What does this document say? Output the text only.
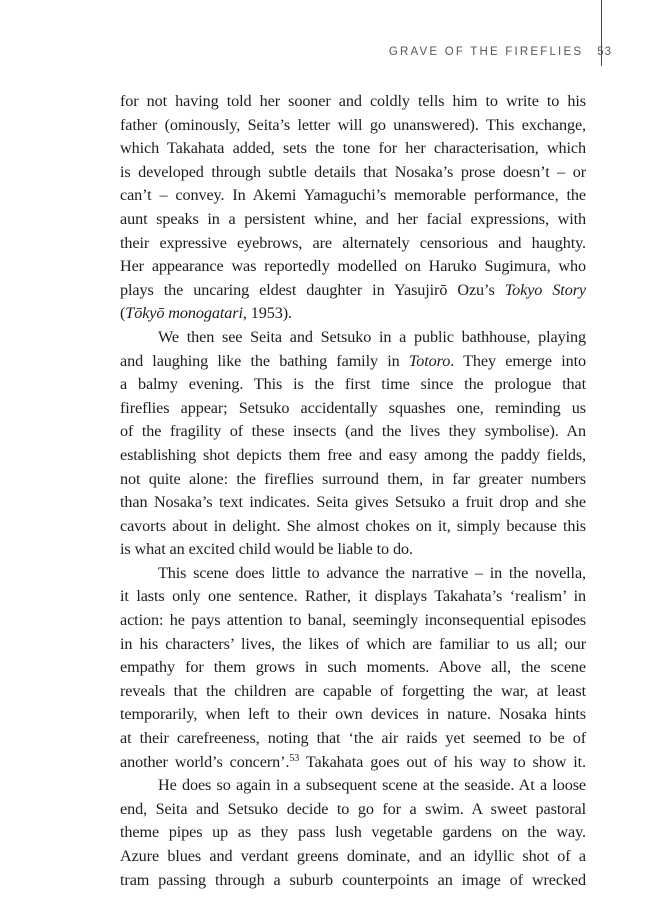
GRAVE OF THE FIREFLIES 53
for not having told her sooner and coldly tells him to write to his
father (ominously, Seita’s letter will go unanswered). This exchange,
which Takahata added, sets the tone for her characterisation, which
is developed through subtle details that Nosaka’s prose doesn’t – or
can’t – convey. In Akemi Yamaguchi’s memorable performance, the
aunt speaks in a persistent whine, and her facial expressions, with
their expressive eyebrows, are alternately censorious and haughty.
Her appearance was reportedly modelled on Haruko Sugimura, who
plays the uncaring eldest daughter in Yasujirō Ozu’s Tokyo Story
(Tōkyō monogatari, 1953).
We then see Seita and Setsuko in a public bathhouse, playing
and laughing like the bathing family in Totoro. They emerge into
a balmy evening. This is the first time since the prologue that
fireflies appear; Setsuko accidentally squashes one, reminding us
of the fragility of these insects (and the lives they symbolise). An
establishing shot depicts them free and easy among the paddy fields,
not quite alone: the fireflies surround them, in far greater numbers
than Nosaka’s text indicates. Seita gives Setsuko a fruit drop and she
cavorts about in delight. She almost chokes on it, simply because this
is what an excited child would be liable to do.
This scene does little to advance the narrative – in the novella,
it lasts only one sentence. Rather, it displays Takahata’s ‘realism’ in
action: he pays attention to banal, seemingly inconsequential episodes
in his characters’ lives, the likes of which are familiar to us all; our
empathy for them grows in such moments. Above all, the scene
reveals that the children are capable of forgetting the war, at least
temporarily, when left to their own devices in nature. Nosaka hints
at their carefreeness, noting that ‘the air raids yet seemed to be of
another world’s concern’.$^{53}$ Takahata goes out of his way to show it.
He does so again in a subsequent scene at the seaside. At a loose
end, Seita and Setsuko decide to go for a swim. A sweet pastoral
theme pipes up as they pass lush vegetable gardens on the way.
Azure blues and verdant greens dominate, and an idyllic shot of a
tram passing through a suburb counterpoints an image of wrecked
